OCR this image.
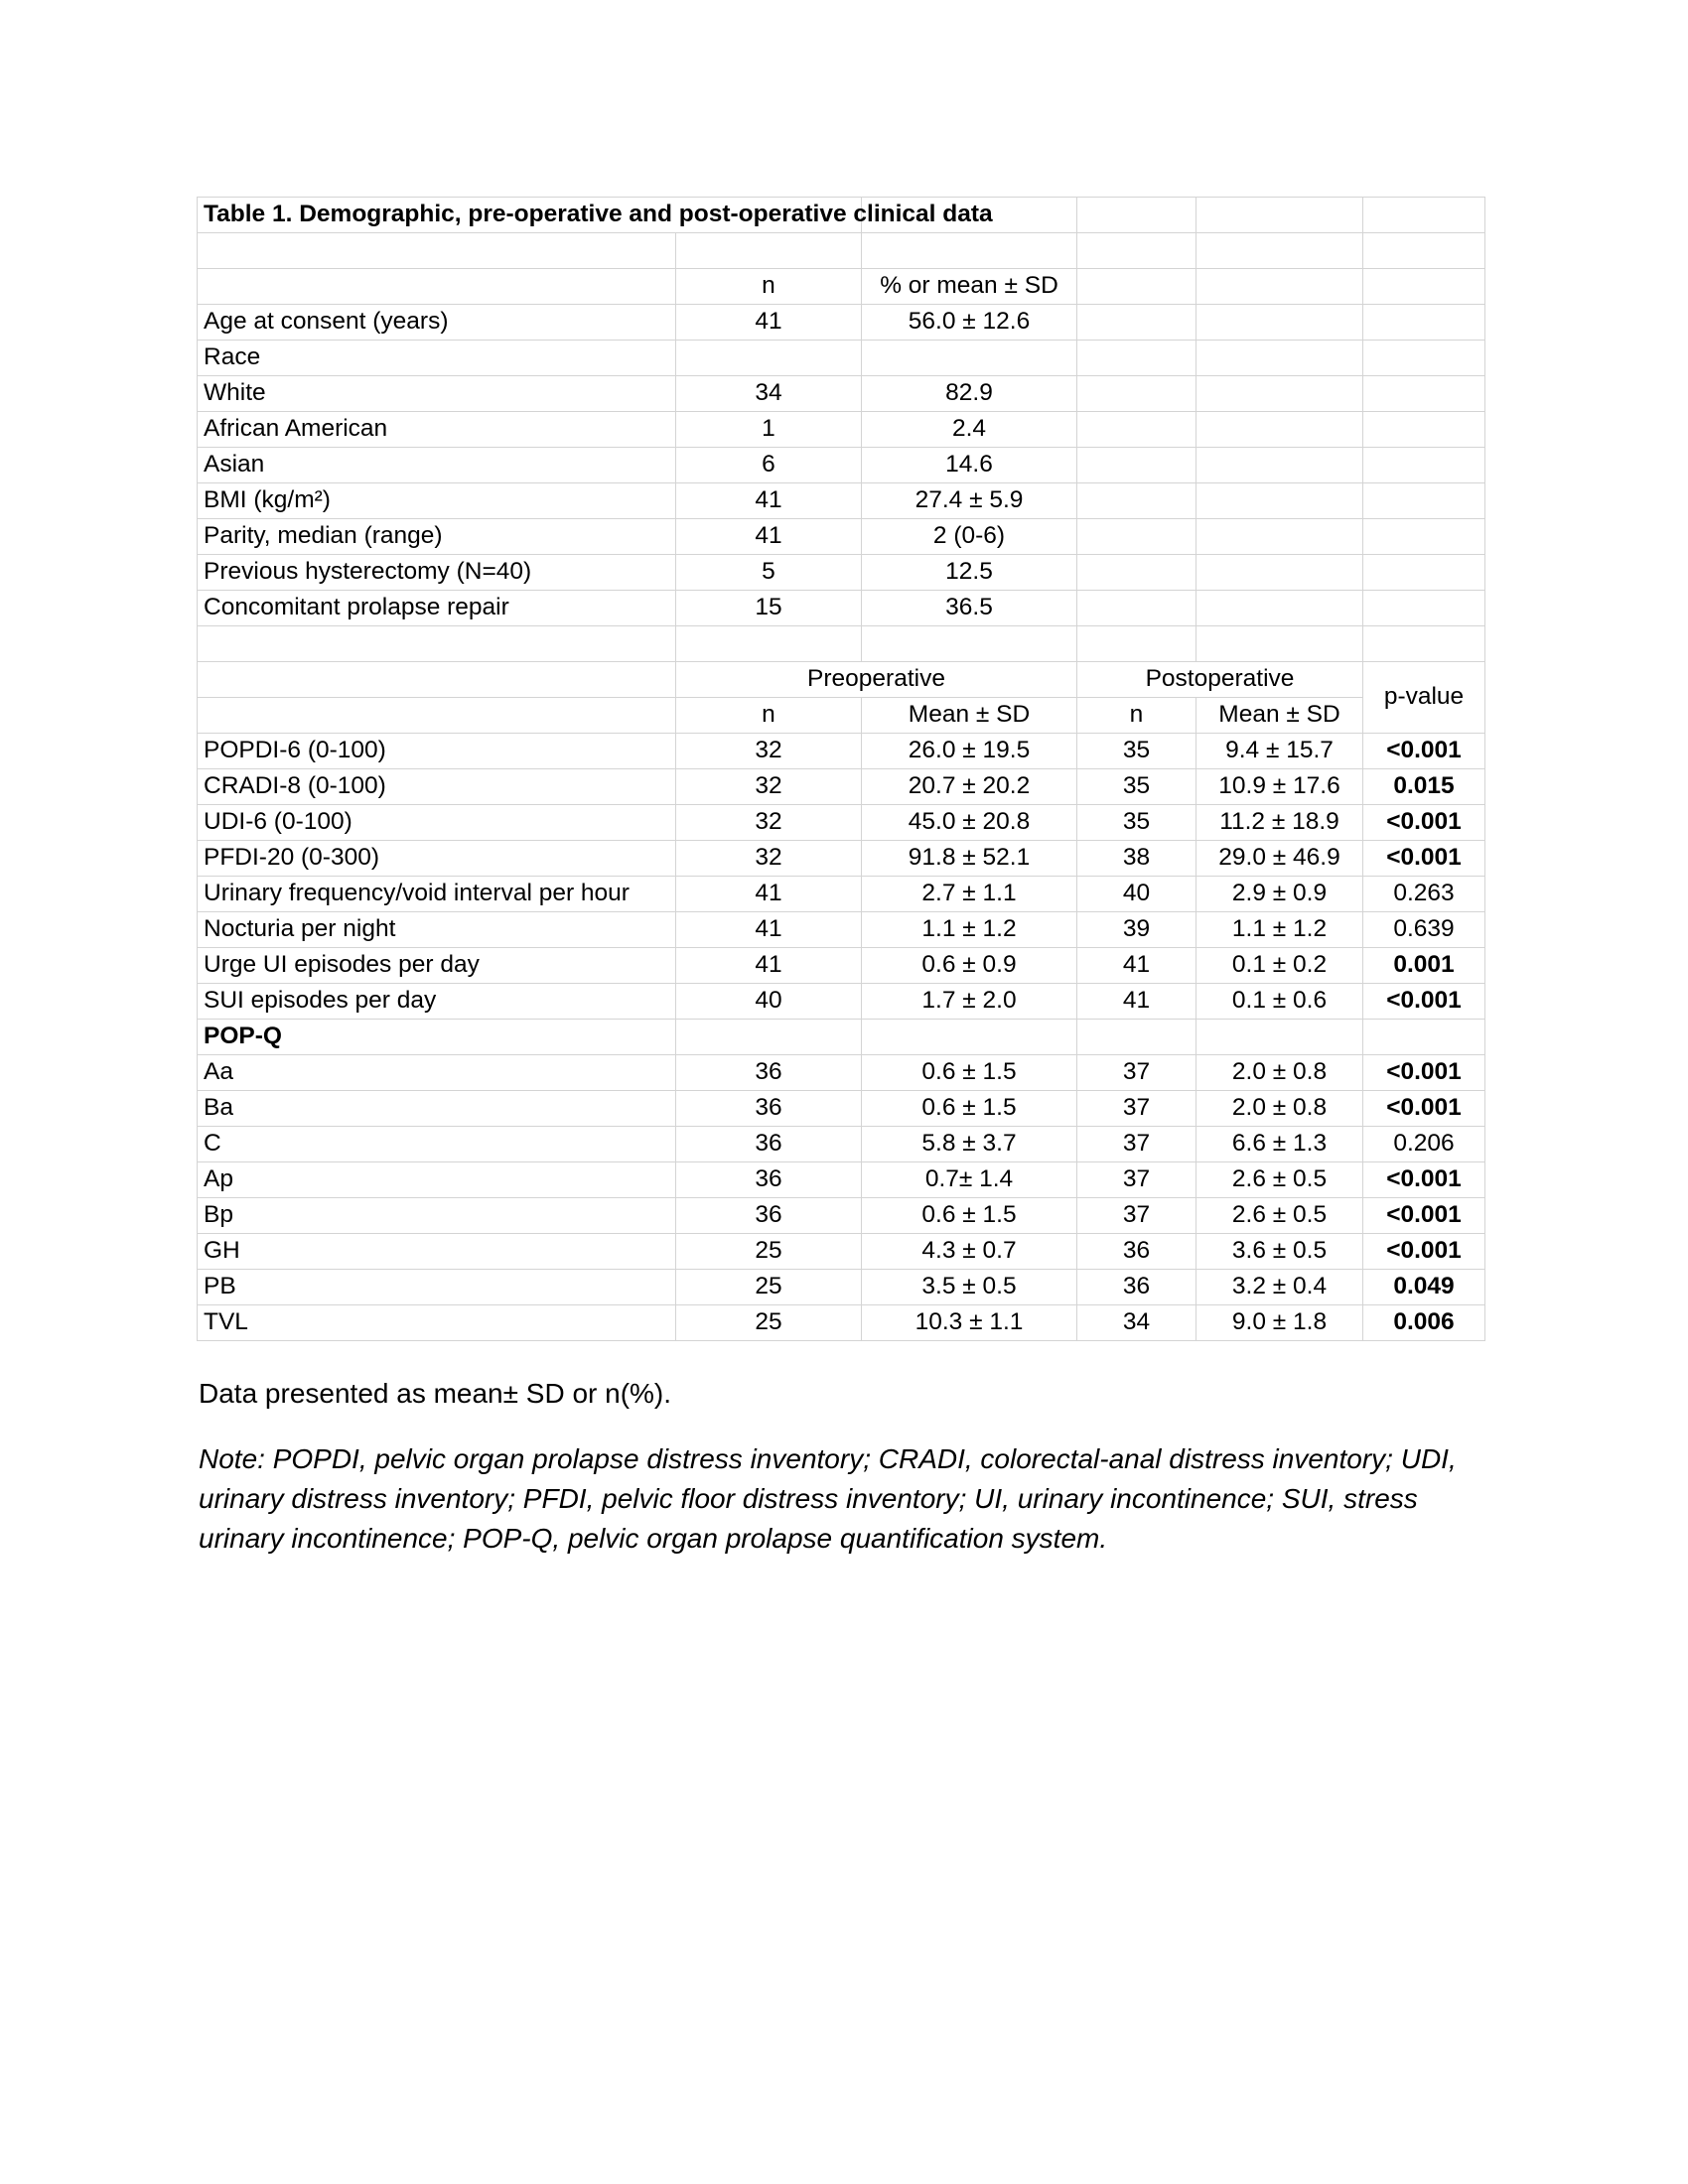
Table 1. Demographic, pre-operative and post-operative clinical data					

	n	% or mean ± SD			
Age at consent (years)	41	56.0 ± 12.6			
Race					
White	34	82.9			
African American	1	2.4			
Asian	6	14.6			
BMI (kg/m²)	41	27.4 ± 5.9			
Parity, median (range)	41	2 (0-6)			
Previous hysterectomy (N=40)	5	12.5			
Concomitant prolapse repair	15	36.5			

	Preoperative		Postoperative		p-value
	n	Mean ± SD	n	Mean ± SD	
POPDI-6 (0-100)	32	26.0 ± 19.5	35	9.4 ± 15.7	<0.001
CRADI-8 (0-100)	32	20.7 ± 20.2	35	10.9 ± 17.6	0.015
UDI-6 (0-100)	32	45.0 ± 20.8	35	11.2 ± 18.9	<0.001
PFDI-20 (0-300)	32	91.8 ± 52.1	38	29.0 ± 46.9	<0.001
Urinary frequency/void interval per hour	41	2.7 ± 1.1	40	2.9 ± 0.9	0.263
Nocturia per night	41	1.1 ± 1.2	39	1.1 ± 1.2	0.639
Urge UI episodes per day	41	0.6 ± 0.9	41	0.1 ± 0.2	0.001
SUI episodes per day	40	1.7 ± 2.0	41	0.1 ± 0.6	<0.001
POP-Q					
Aa	36	0.6 ± 1.5	37	2.0 ± 0.8	<0.001
Ba	36	0.6 ± 1.5	37	2.0 ± 0.8	<0.001
C	36	5.8 ± 3.7	37	6.6 ± 1.3	0.206
Ap	36	0.7± 1.4	37	2.6 ± 0.5	<0.001
Bp	36	0.6 ± 1.5	37	2.6 ± 0.5	<0.001
GH	25	4.3 ± 0.7	36	3.6 ± 0.5	<0.001
PB	25	3.5 ± 0.5	36	3.2 ± 0.4	0.049
TVL	25	10.3 ± 1.1	34	9.0 ± 1.8	0.006
Data presented as mean± SD or n(%).
Note: POPDI, pelvic organ prolapse distress inventory; CRADI, colorectal-anal distress inventory; UDI, urinary distress inventory; PFDI, pelvic floor distress inventory; UI, urinary incontinence; SUI, stress urinary incontinence; POP-Q, pelvic organ prolapse quantification system.
